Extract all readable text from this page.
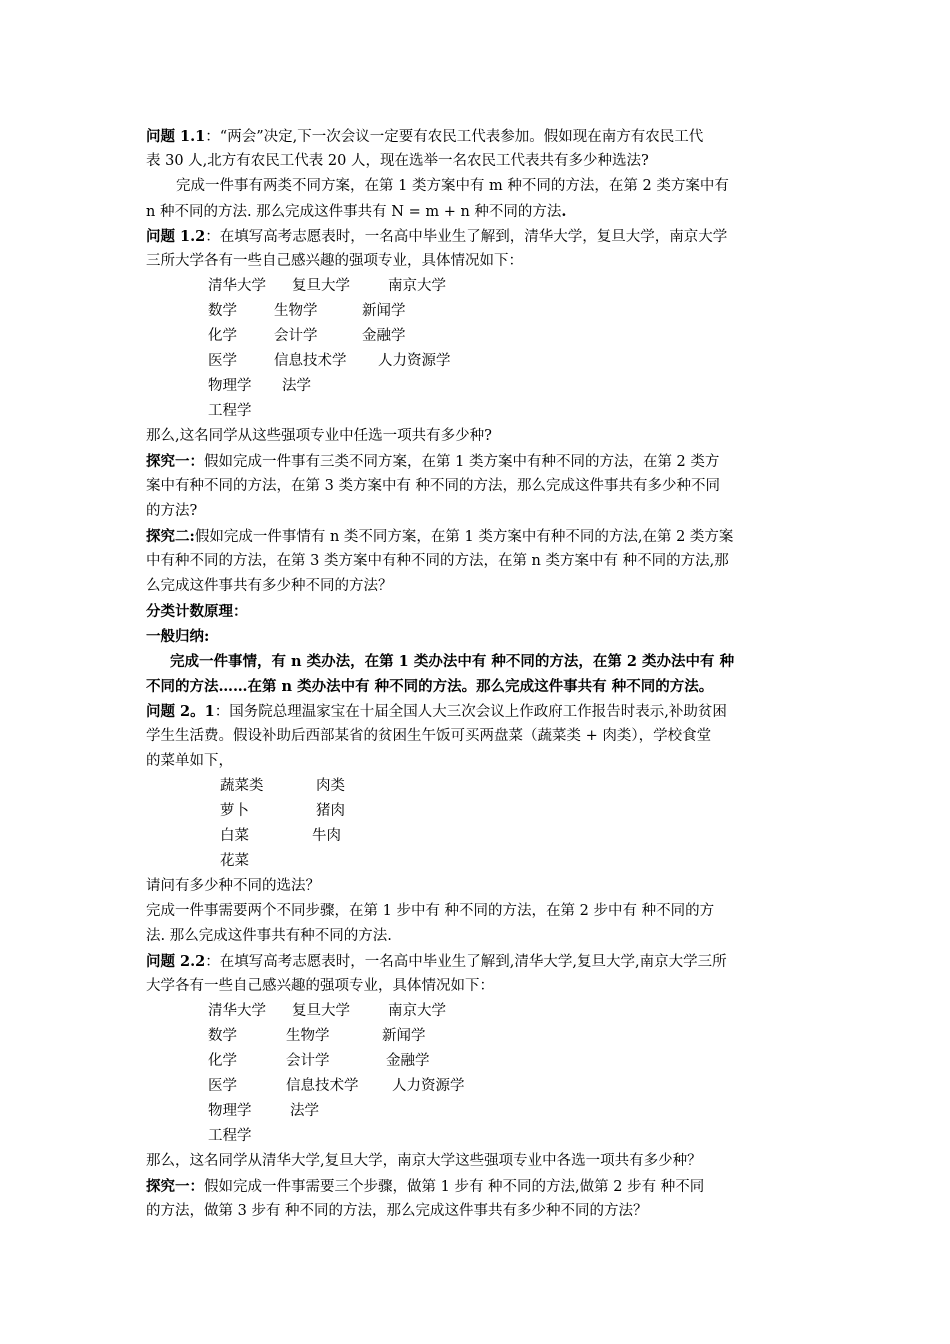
问题 1.1：“两会”决定,下一次会议一定要有农民工代表参加。假如现在南方有农民工代
表 30 人,北方有农民工代表 20 人，现在选举一名农民工代表共有多少种选法?
完成一件事有两类不同方案，在第 1 类方案中有 m 种不同的方法，在第 2 类方案中有
n 种不同的方法. 那么完成这件事共有 N = m + n 种不同的方法.
问题 1.2：在填写高考志愿表时，一名高中毕业生了解到，清华大学，复旦大学，南京大学
三所大学各有一些自己感兴趣的强项专业，具体情况如下：
清华大学 复旦大学	南京大学
数学	生物学	新闻学
化学	会计学	金融学
医学	信息技术学 人力资源学
物理学 法学
工程学
那么,这名同学从这些强项专业中任选一项共有多少种?
探究一：假如完成一件事有三类不同方案，在第 1 类方案中有种不同的方法，在第 2 类方
案中有种不同的方法，在第 3 类方案中有 种不同的方法，那么完成这件事共有多少种不同
的方法?
探究二:假如完成一件事情有 n 类不同方案，在第 1 类方案中有种不同的方法,在第 2 类方案
中有种不同的方法，在第 3 类方案中有种不同的方法，在第 n 类方案中有 种不同的方法,那
么完成这件事共有多少种不同的方法？
分类计数原理：
一般归纳:
完成一件事情，有 n 类办法，在第 1 类办法中有 种不同的方法，在第 2 类办法中有 种
不同的方法……在第 n 类办法中有 种不同的方法。那么完成这件事共有 种不同的方法。
问题 2。1：国务院总理温家宝在十届全国人大三次会议上作政府工作报告时表示,补助贫困
学生生活费。假设补助后西部某省的贫困生午饭可买两盘菜（蔬菜类 + 肉类），学校食堂
的菜单如下，
蔬菜类	肉类
萝卜	猪肉
白菜	牛肉
花菜
请问有多少种不同的选法？
完成一件事需要两个不同步骤，在第 1 步中有 种不同的方法，在第 2 步中有 种不同的方
法. 那么完成这件事共有种不同的方法.
问题 2.2：在填写高考志愿表时，一名高中毕业生了解到,清华大学,复旦大学,南京大学三所
大学各有一些自己感兴趣的强项专业，具体情况如下：
清华大学 复旦大学	南京大学
数学	生物学	新闻学
化学	会计学	金融学
医学	信息技术学 人力资源学
物理学	法学
工程学
那么，这名同学从清华大学,复旦大学，南京大学这些强项专业中各选一项共有多少种？
探究一：假如完成一件事需要三个步骤，做第 1 步有 种不同的方法,做第 2 步有 种不同
的方法，做第 3 步有 种不同的方法，那么完成这件事共有多少种不同的方法？
